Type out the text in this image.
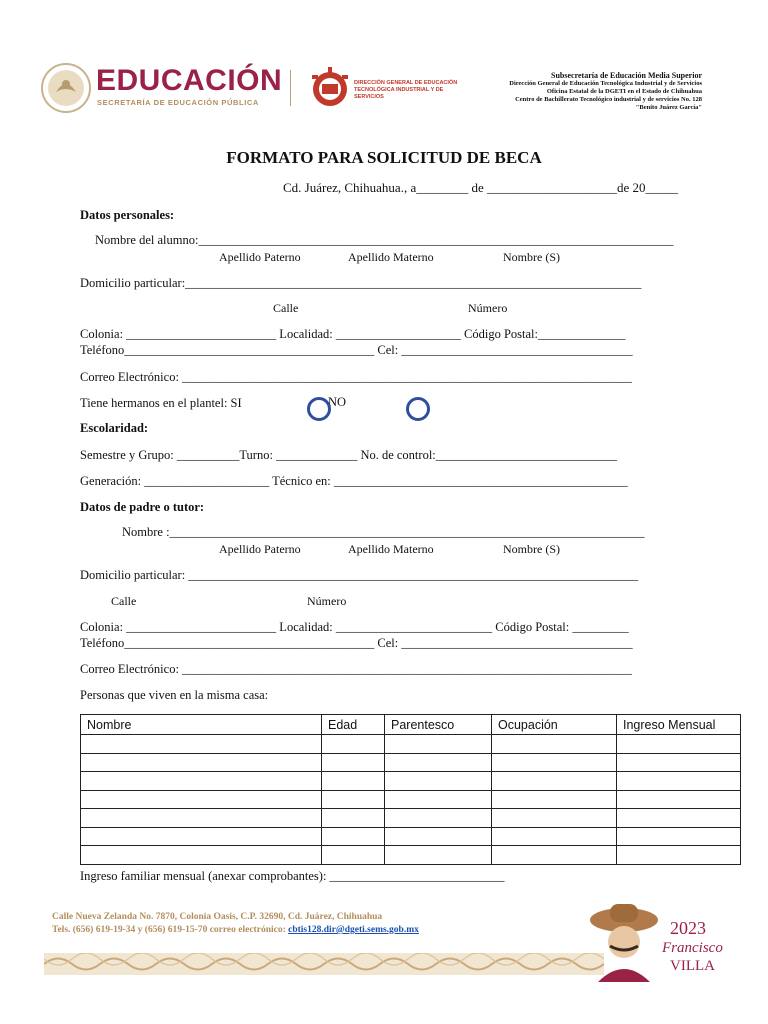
EDUCACIÓN
SECRETARÍA DE EDUCACIÓN PÚBLICA
DIRECCIÓN GENERAL DE EDUCACIÓN
TECNOLÓGICA INDUSTRIAL Y DE SERVICIOS
Subsecretaría de Educación Media Superior
Dirección General de Educación Tecnológica Industrial y de Servicios
Oficina Estatal de la DGETI en el Estado de Chihuahua
Centro de Bachillerato Tecnológico industrial y de servicios No. 128
"Benito Juárez García"
FORMATO PARA SOLICITUD DE BECA
Cd. Juárez, Chihuahua., a________ de ____________________de 20_____
Datos personales:
Nombre del alumno:____________________________________________________________________________
Apellido Paterno	Apellido Materno	Nombre (S)
Domicilio particular:_________________________________________________________________________
Calle	Número
Colonia: ________________________ Localidad: ____________________ Código Postal:______________
Teléfono________________________________________ Cel: _____________________________________
Correo Electrónico: ________________________________________________________________________
Tiene hermanos en el plantel: SI	NO
Escolaridad:
Semestre y Grupo: __________Turno: _____________ No. de control:_____________________________
Generación: ____________________ Técnico en: _______________________________________________
Datos de padre o tutor:
Nombre :____________________________________________________________________________
Apellido Paterno	Apellido Materno	Nombre (S)
Domicilio particular: ________________________________________________________________________
Calle	Número
Colonia: ________________________ Localidad: _________________________ Código Postal: _________
Teléfono________________________________________ Cel: _____________________________________
Correo Electrónico: ________________________________________________________________________
Personas que viven en la misma casa:
Nombre	Edad	Parentesco	Ocupación	Ingreso Mensual

Ingreso familiar mensual (anexar comprobantes): ____________________________
Calle Nueva Zelanda No. 7870, Colonia Oasis, C.P. 32690, Cd. Juárez, Chihuahua
Tels. (656) 619-19-34 y (656) 619-15-70 correo electrónico: cbtis128.dir@dgeti.sems.gob.mx	2023
Francisco
VILLA
